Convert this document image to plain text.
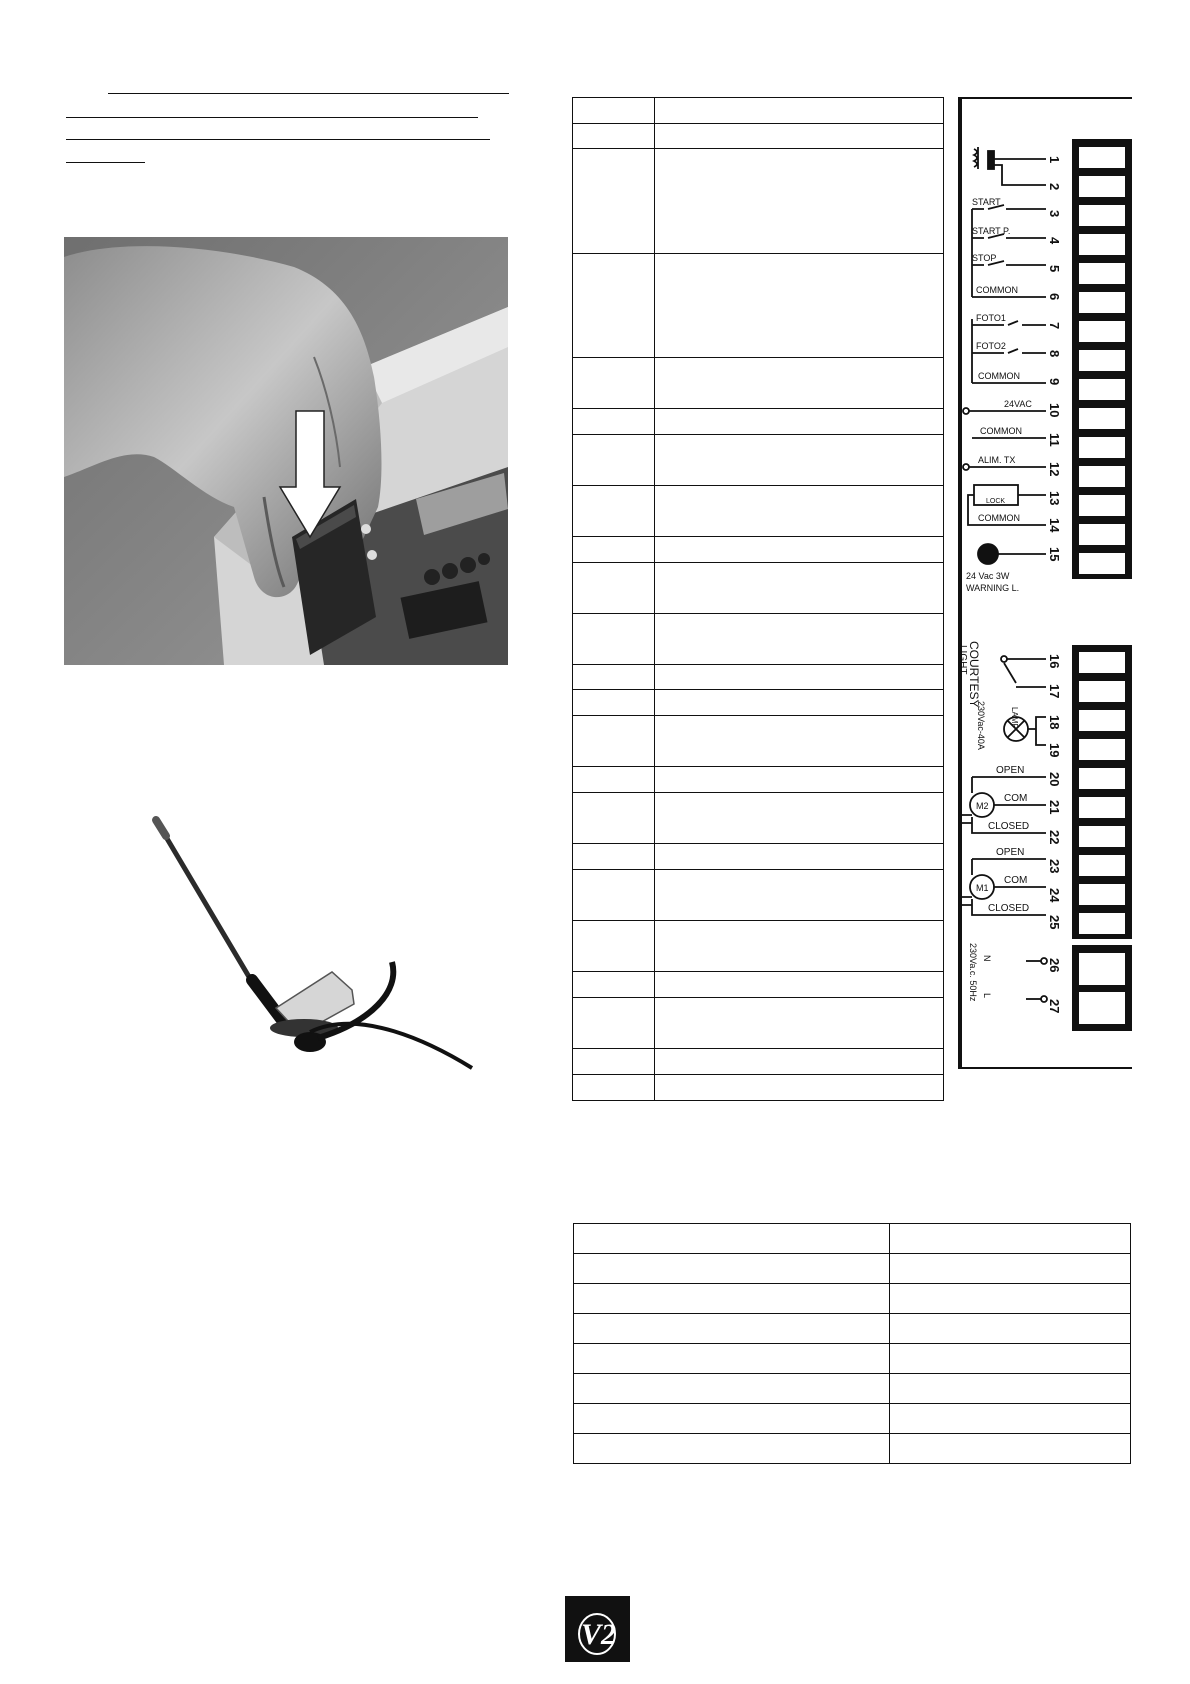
1
2
3
4
5
6
7
8
9
10
11
12
13
14
15
16
17
18
19
20
21
22
23
24
25
26
27
START
START P.
STOP
COMMON
FOTO1
FOTO2
COMMON
24VAC
COMMON
ALIM. TX
LOCK
COMMON
24 Vac 3W
WARNING L.
COURTESY
LIGHT
LAMP
230Vac-40A
OPEN
COM
CLOSED
M2
OPEN
COM
CLOSED
M1
230Va.c. 50Hz N
L

V2
